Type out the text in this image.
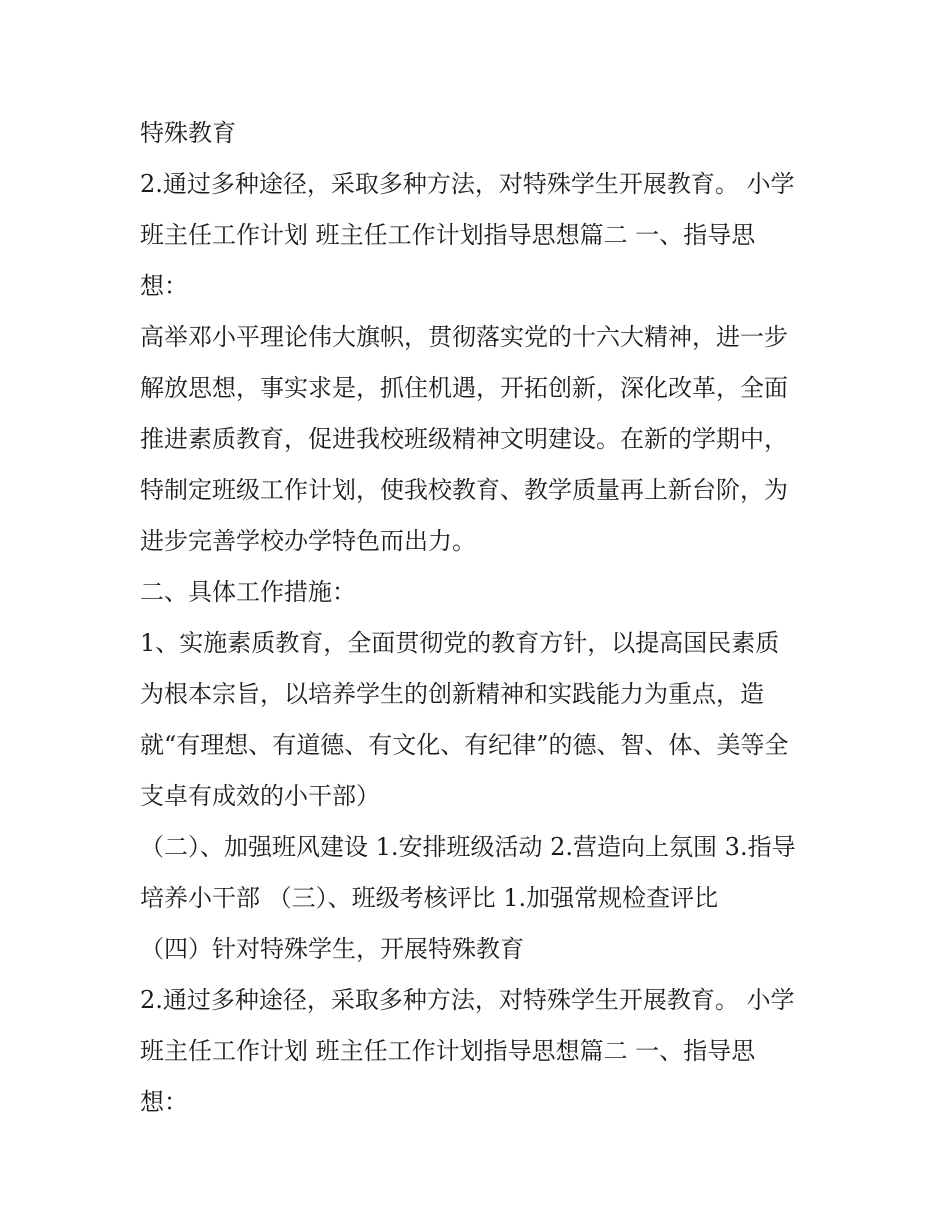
特殊教育

2.通过多种途径，采取多种方法，对特殊学生开展教育。 小学

班主任工作计划 班主任工作计划指导思想篇二 一、指导思

想：

高举邓小平理论伟大旗帜，贯彻落实党的十六大精神，进一步

解放思想，事实求是，抓住机遇，开拓创新，深化改革，全面

推进素质教育，促进我校班级精神文明建设。在新的学期中，

特制定班级工作计划，使我校教育、教学质量再上新台阶，为

进步完善学校办学特色而出力。

二、具体工作措施：

1、实施素质教育，全面贯彻党的教育方针，以提高国民素质

为根本宗旨，以培养学生的创新精神和实践能力为重点，造

就“有理想、有道德、有文化、有纪律”的德、智、体、美等全

支卓有成效的小干部）

（二）、加强班风建设 1.安排班级活动 2.营造向上氛围 3.指导

培养小干部 （三）、班级考核评比 1.加强常规检查评比

（四）针对特殊学生，开展特殊教育

2.通过多种途径，采取多种方法，对特殊学生开展教育。 小学

班主任工作计划 班主任工作计划指导思想篇二 一、指导思

想：
